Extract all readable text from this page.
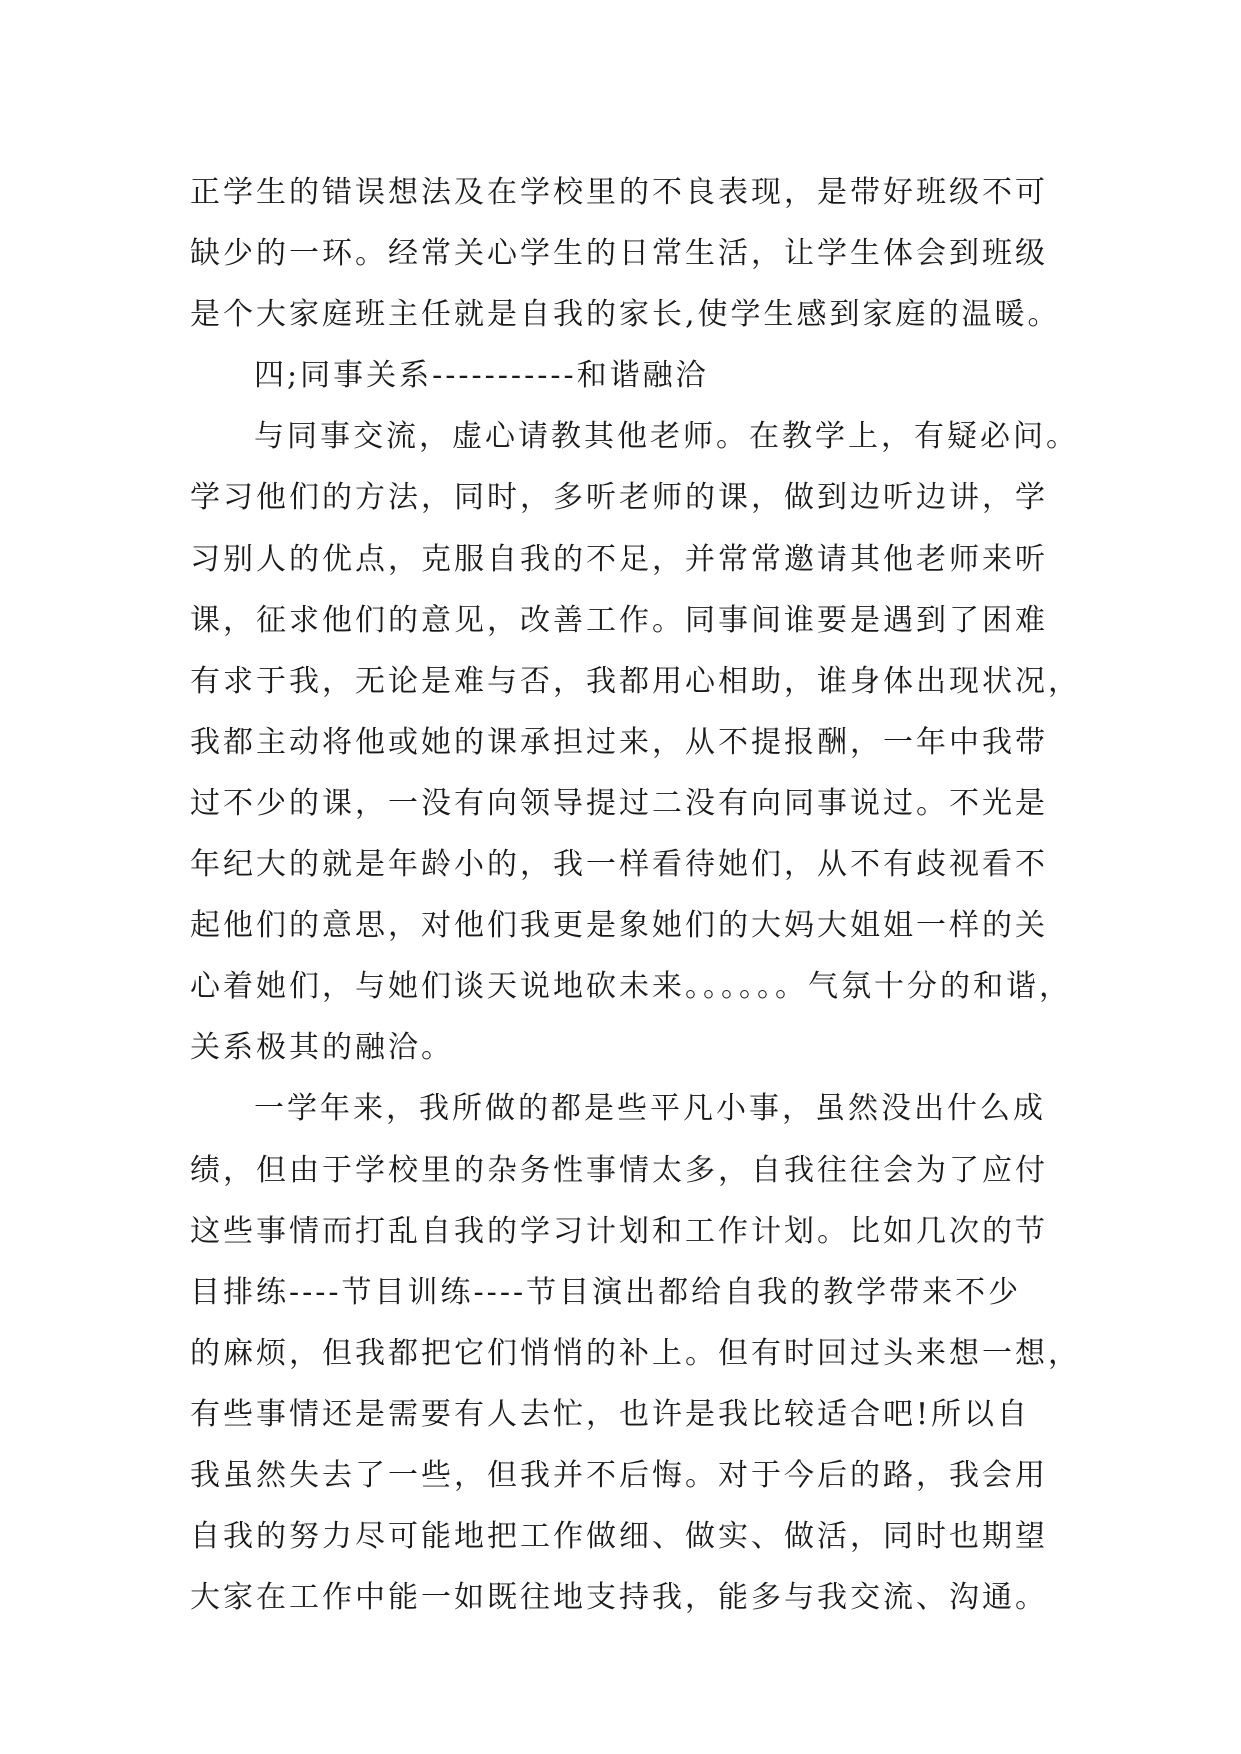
正学生的错误想法及在学校里的不良表现，是带好班级不可
缺少的一环。经常关心学生的日常生活，让学生体会到班级
是个大家庭班主任就是自我的家长,使学生感到家庭的温暖。
四;同事关系-----------和谐融洽
与同事交流，虚心请教其他老师。在教学上，有疑必问。
学习他们的方法，同时，多听老师的课，做到边听边讲，学
习别人的优点，克服自我的不足，并常常邀请其他老师来听
课，征求他们的意见，改善工作。同事间谁要是遇到了困难
有求于我，无论是难与否，我都用心相助，谁身体出现状况，
我都主动将他或她的课承担过来，从不提报酬，一年中我带
过不少的课，一没有向领导提过二没有向同事说过。不光是
年纪大的就是年龄小的，我一样看待她们，从不有歧视看不
起他们的意思，对他们我更是象她们的大妈大姐姐一样的关
心着她们，与她们谈天说地砍未来。。。。。。气氛十分的和谐，
关系极其的融洽。
一学年来，我所做的都是些平凡小事，虽然没出什么成
绩，但由于学校里的杂务性事情太多，自我往往会为了应付
这些事情而打乱自我的学习计划和工作计划。比如几次的节
目排练----节目训练----节目演出都给自我的教学带来不少
的麻烦，但我都把它们悄悄的补上。但有时回过头来想一想，
有些事情还是需要有人去忙，也许是我比较适合吧!所以自
我虽然失去了一些，但我并不后悔。对于今后的路，我会用
自我的努力尽可能地把工作做细、做实、做活，同时也期望
大家在工作中能一如既往地支持我，能多与我交流、沟通。
